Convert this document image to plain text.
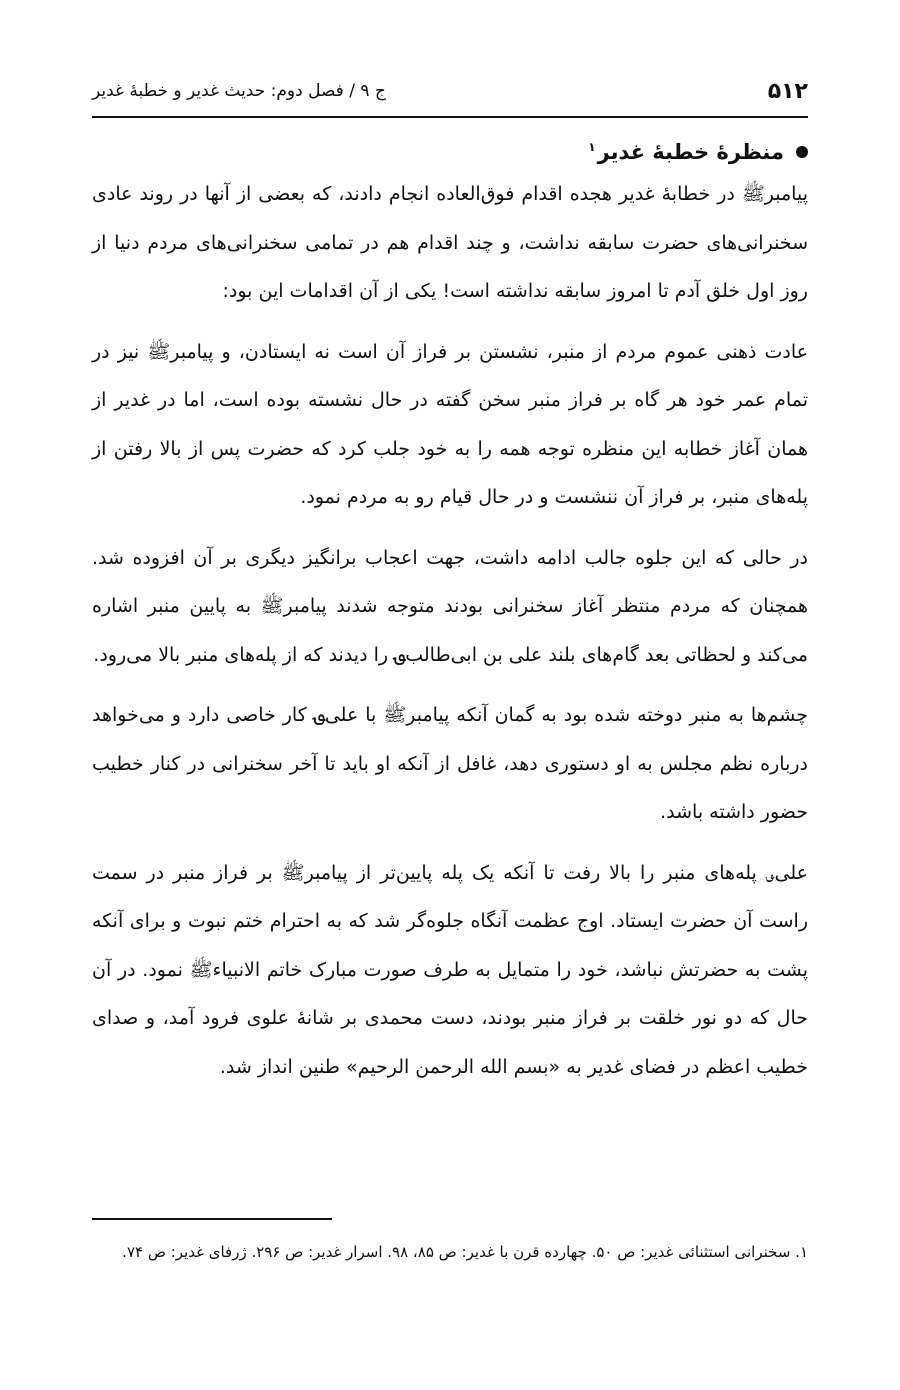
۵۱۲
ج ۹ / فصل دوم: حدیث غدیر و خطبهٔ غدیر
منظرهٔ خطبهٔ غدیر$^۱$

پیامبرﷺ در خطابهٔ غدیر هجده اقدام فوق‌العاده انجام دادند، که بعضی از آنها در روند عادی سخنرانی‌های حضرت سابقه نداشت، و چند اقدام هم در تمامی سخنرانی‌های مردم دنیا از روز اول خلق آدم تا امروز سابقه نداشته است! یکی از آن اقدامات این بود:

عادت ذهنی عموم مردم از منبر، نشستن بر فراز آن است نه ایستادن، و پیامبرﷺ نیز در تمام عمر خود هر گاه بر فراز منبر سخن گفته در حال نشسته بوده است، اما در غدیر از همان آغاز خطابه این منظره توجه همه را به خود جلب کرد که حضرت پس از بالا رفتن از پله‌های منبر، بر فراز آن ننشست و در حال قیام رو به مردم نمود.

در حالی که این جلوه جالب ادامه داشت، جهت اعجاب برانگیز دیگری بر آن افزوده شد. همچنان که مردم منتظر آغاز سخنرانی بودند متوجه شدند پیامبرﷺ به پایین منبر اشاره می‌کند و لحظاتی بعد گام‌های بلند علی بن ابی‌طالب؈ را دیدند که از پله‌های منبر بالا می‌رود.

چشم‌ها به منبر دوخته شده بود به گمان آنکه پیامبرﷺ با علی؈ کار خاصی دارد و می‌خواهد درباره نظم مجلس به او دستوری دهد، غافل از آنکه او باید تا آخر سخنرانی در کنار خطیب حضور داشته باشد.

علی؈ پله‌های منبر را بالا رفت تا آنکه یک پله پایین‌تر از پیامبرﷺ بر فراز منبر در سمت راست آن حضرت ایستاد. اوج عظمت آنگاه جلوه‌گر شد که به احترام ختم نبوت و برای آنکه پشت به حضرتش نباشد، خود را متمایل به طرف صورت مبارک خاتم الانبیاءﷺ نمود. در آن حال که دو نور خلقت بر فراز منبر بودند، دست محمدی بر شانهٔ علوی فرود آمد، و صدای خطیب اعظم در فضای غدیر به «بسم الله الرحمن الرحیم» طنین انداز شد.

۱. سخنرانی استثنائی غدیر: ص ۵۰. چهارده قرن با غدیر: ص ۸۵، ۹۸. اسرار غدیر: ص ۲۹۶. ژرفای غدیر: ص ۷۴.
